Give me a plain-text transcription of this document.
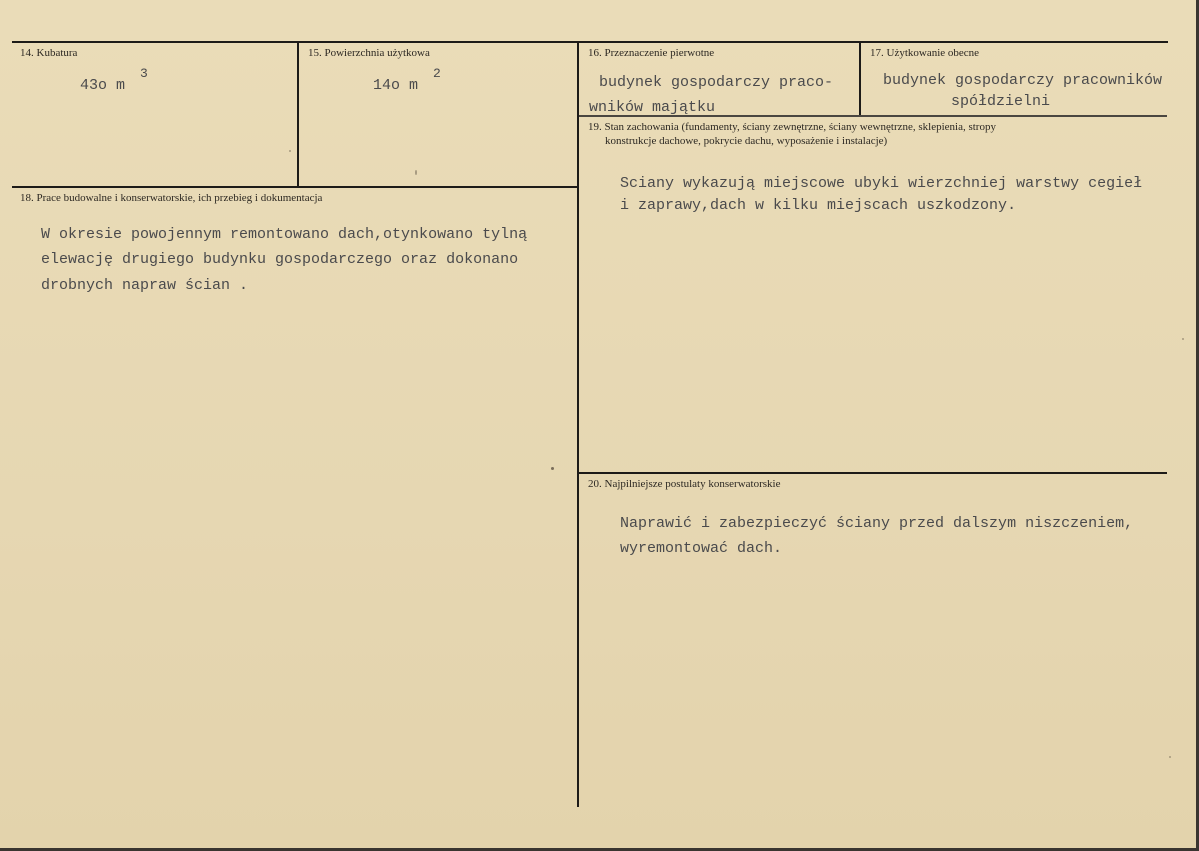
14. Kubatura
43o m
3
15. Powierzchnia użytkowa
14o m
2
16. Przeznaczenie pierwotne
budynek gospodarczy praco-
wników majątku
17. Użytkowanie obecne
budynek gospodarczy pracowników
spółdzielni
19. Stan zachowania (fundamenty, ściany zewnętrzne, ściany wewnętrzne, sklepienia, stropy
konstrukcje dachowe, pokrycie dachu, wyposażenie i instalacje)
Sciany wykazują miejscowe ubyki wierzchniej warstwy cegieł
i zaprawy,dach w kilku miejscach uszkodzony.
18. Prace budowalne i konserwatorskie, ich przebieg i dokumentacja
W okresie powojennym remontowano dach,otynkowano tylną
elewację drugiego budynku gospodarczego oraz dokonano
drobnych napraw ścian .
20. Najpilniejsze postulaty konserwatorskie
Naprawić i zabezpieczyć ściany przed dalszym niszczeniem,
wyremontować dach.
